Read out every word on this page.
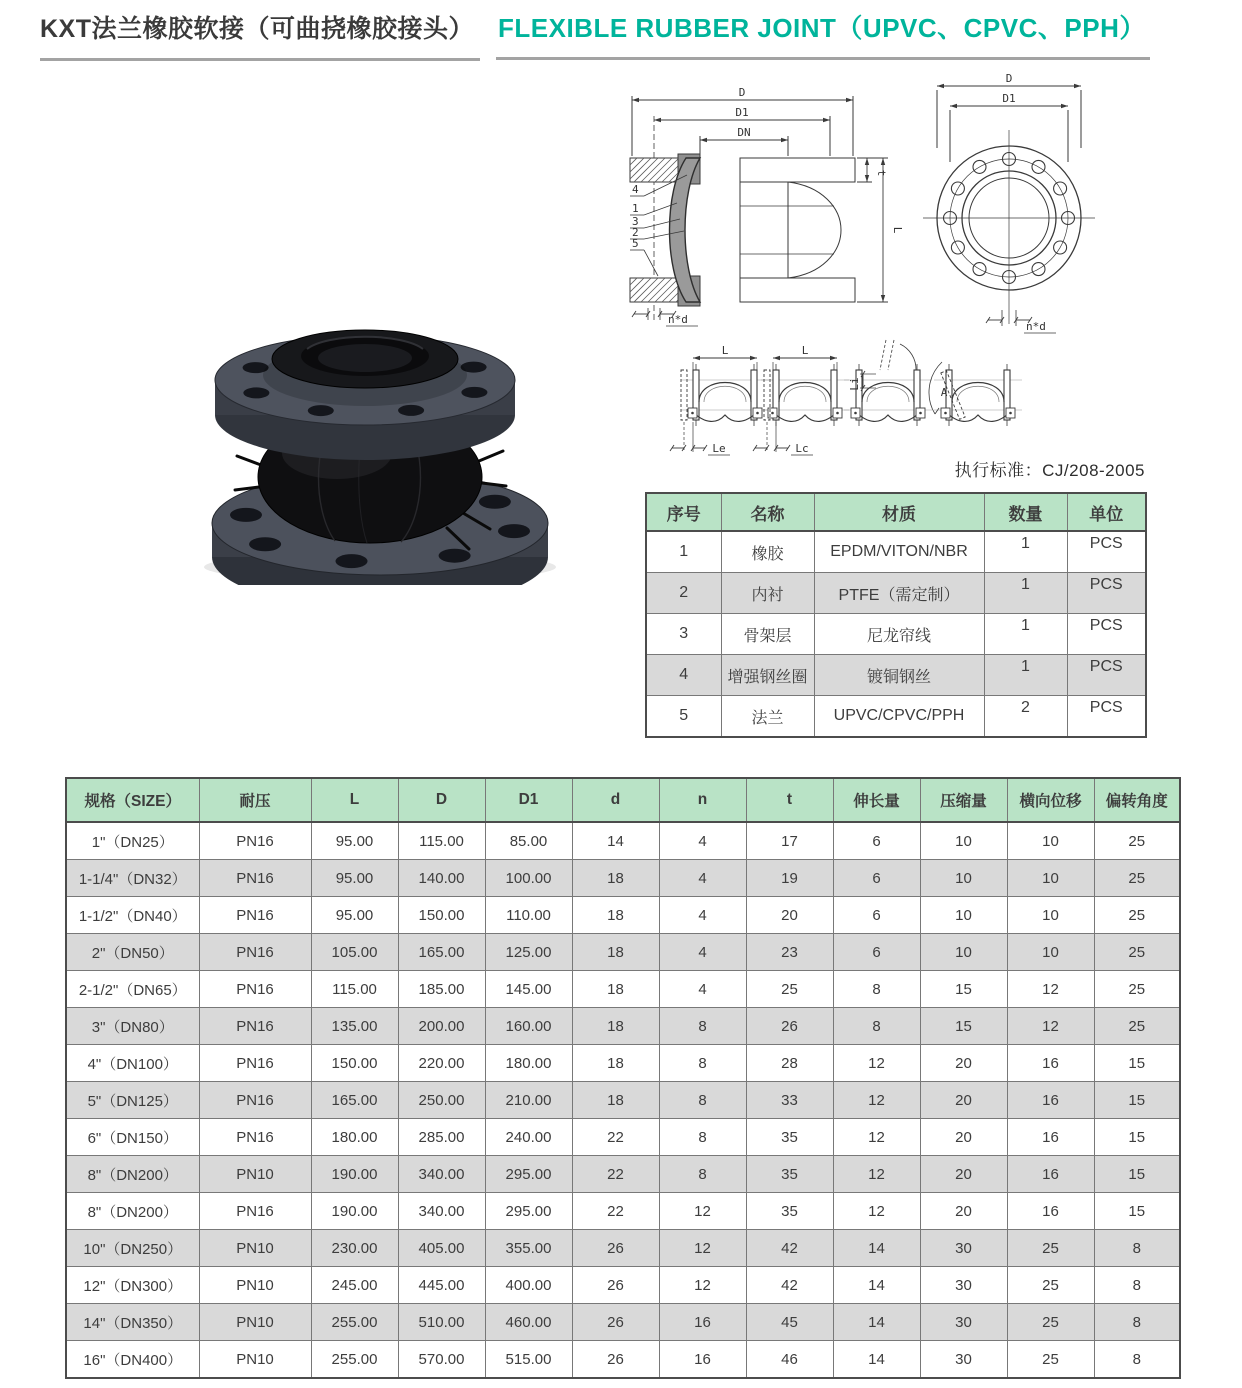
KXT法兰橡胶软接（可曲挠橡胶接头） FLEXIBLE RUBBER JOINT（UPVC、CPVC、PPH）
D
D1
DN
t
L
n*d
4
1
3
2
5
D
D1
n*d
L
Le
L
Lc
Li
A
执行标准：CJ/208-2005
序号	名称	材质	数量	单位
1	橡胶	EPDM/VITON/NBR	1	PCS
2	内衬	PTFE（需定制）	1	PCS
3	骨架层	尼龙帘线	1	PCS
4	增强钢丝圈	镀铜钢丝	1	PCS
5	法兰	UPVC/CPVC/PPH	2	PCS
规格（SIZE）	耐压	L	D	D1	d	n	t	伸长量	压缩量	横向位移	偏转角度
1"（DN25）	PN16	95.00	115.00	85.00	14	4	17	6	10	10	25
1-1/4"（DN32）	PN16	95.00	140.00	100.00	18	4	19	6	10	10	25
1-1/2"（DN40）	PN16	95.00	150.00	110.00	18	4	20	6	10	10	25
2"（DN50）	PN16	105.00	165.00	125.00	18	4	23	6	10	10	25
2-1/2"（DN65）	PN16	115.00	185.00	145.00	18	4	25	8	15	12	25
3"（DN80）	PN16	135.00	200.00	160.00	18	8	26	8	15	12	25
4"（DN100）	PN16	150.00	220.00	180.00	18	8	28	12	20	16	15
5"（DN125）	PN16	165.00	250.00	210.00	18	8	33	12	20	16	15
6"（DN150）	PN16	180.00	285.00	240.00	22	8	35	12	20	16	15
8"（DN200）	PN10	190.00	340.00	295.00	22	8	35	12	20	16	15
8"（DN200）	PN16	190.00	340.00	295.00	22	12	35	12	20	16	15
10"（DN250）	PN10	230.00	405.00	355.00	26	12	42	14	30	25	8
12"（DN300）	PN10	245.00	445.00	400.00	26	12	42	14	30	25	8
14"（DN350）	PN10	255.00	510.00	460.00	26	16	45	14	30	25	8
16"（DN400）	PN10	255.00	570.00	515.00	26	16	46	14	30	25	8
